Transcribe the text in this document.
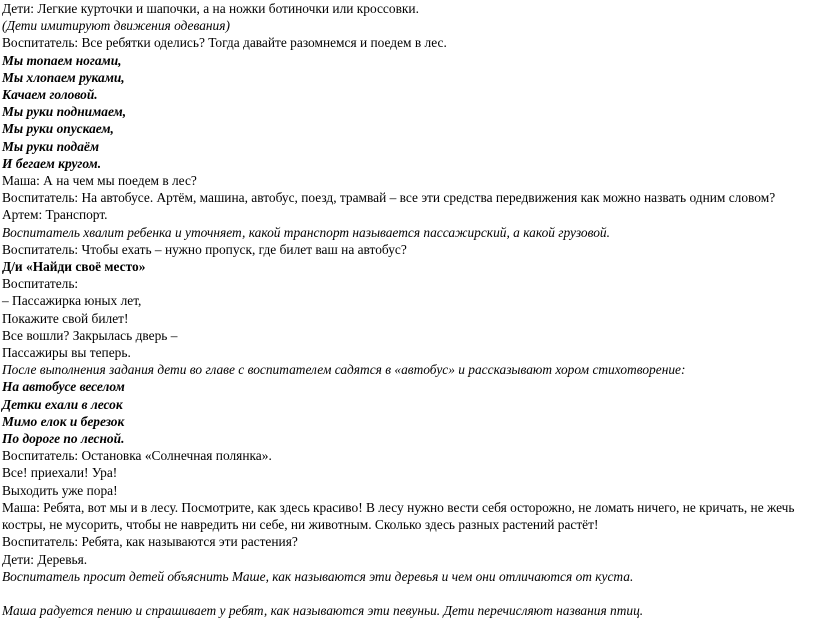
Дети: Легкие курточки и шапочки, а на ножки ботиночки или кроссовки.
(Дети имитируют движения одевания)
Воспитатель: Все ребятки оделись? Тогда давайте разомнемся и поедем в лес.
Мы топаем ногами,
Мы хлопаем руками,
Качаем головой.
Мы руки поднимаем,
Мы руки опускаем,
Мы руки подаём
И бегаем кругом.
Маша: А на чем мы поедем в лес?
Воспитатель: На автобусе. Артём, машина, автобус, поезд, трамвай – все эти средства передвижения как можно назвать одним словом?
Артем: Транспорт.
Воспитатель хвалит ребенка и уточняет, какой транспорт называется пассажирский, а какой грузовой.
Воспитатель: Чтобы ехать – нужно пропуск, где билет ваш на автобус?
Д/и «Найди своё место»
Воспитатель:
– Пассажирка юных лет,
Покажите свой билет!
Все вошли? Закрылась дверь –
Пассажиры вы теперь.
После выполнения задания дети во главе с воспитателем садятся в «автобус» и рассказывают хором стихотворение:
На автобусе веселом
Детки ехали в лесок
Мимо елок и березок
По дороге по лесной.
Воспитатель: Остановка «Солнечная полянка».
Все! приехали! Ура!
Выходить уже пора!
Маша: Ребята, вот мы и в лесу. Посмотрите, как здесь красиво! В лесу нужно вести себя осторожно, не ломать ничего, не кричать, не жечь костры, не мусорить, чтобы не навредить ни себе, ни животным. Сколько здесь разных растений растёт!
Воспитатель: Ребята, как называются эти растения?
Дети: Деревья.
Воспитатель просит детей объяснить Маше, как называются эти деревья и чем они отличаются от куста.
Маша радуется пению и спрашивает у ребят, как называются эти певуньи. Дети перечисляют названия птиц.
